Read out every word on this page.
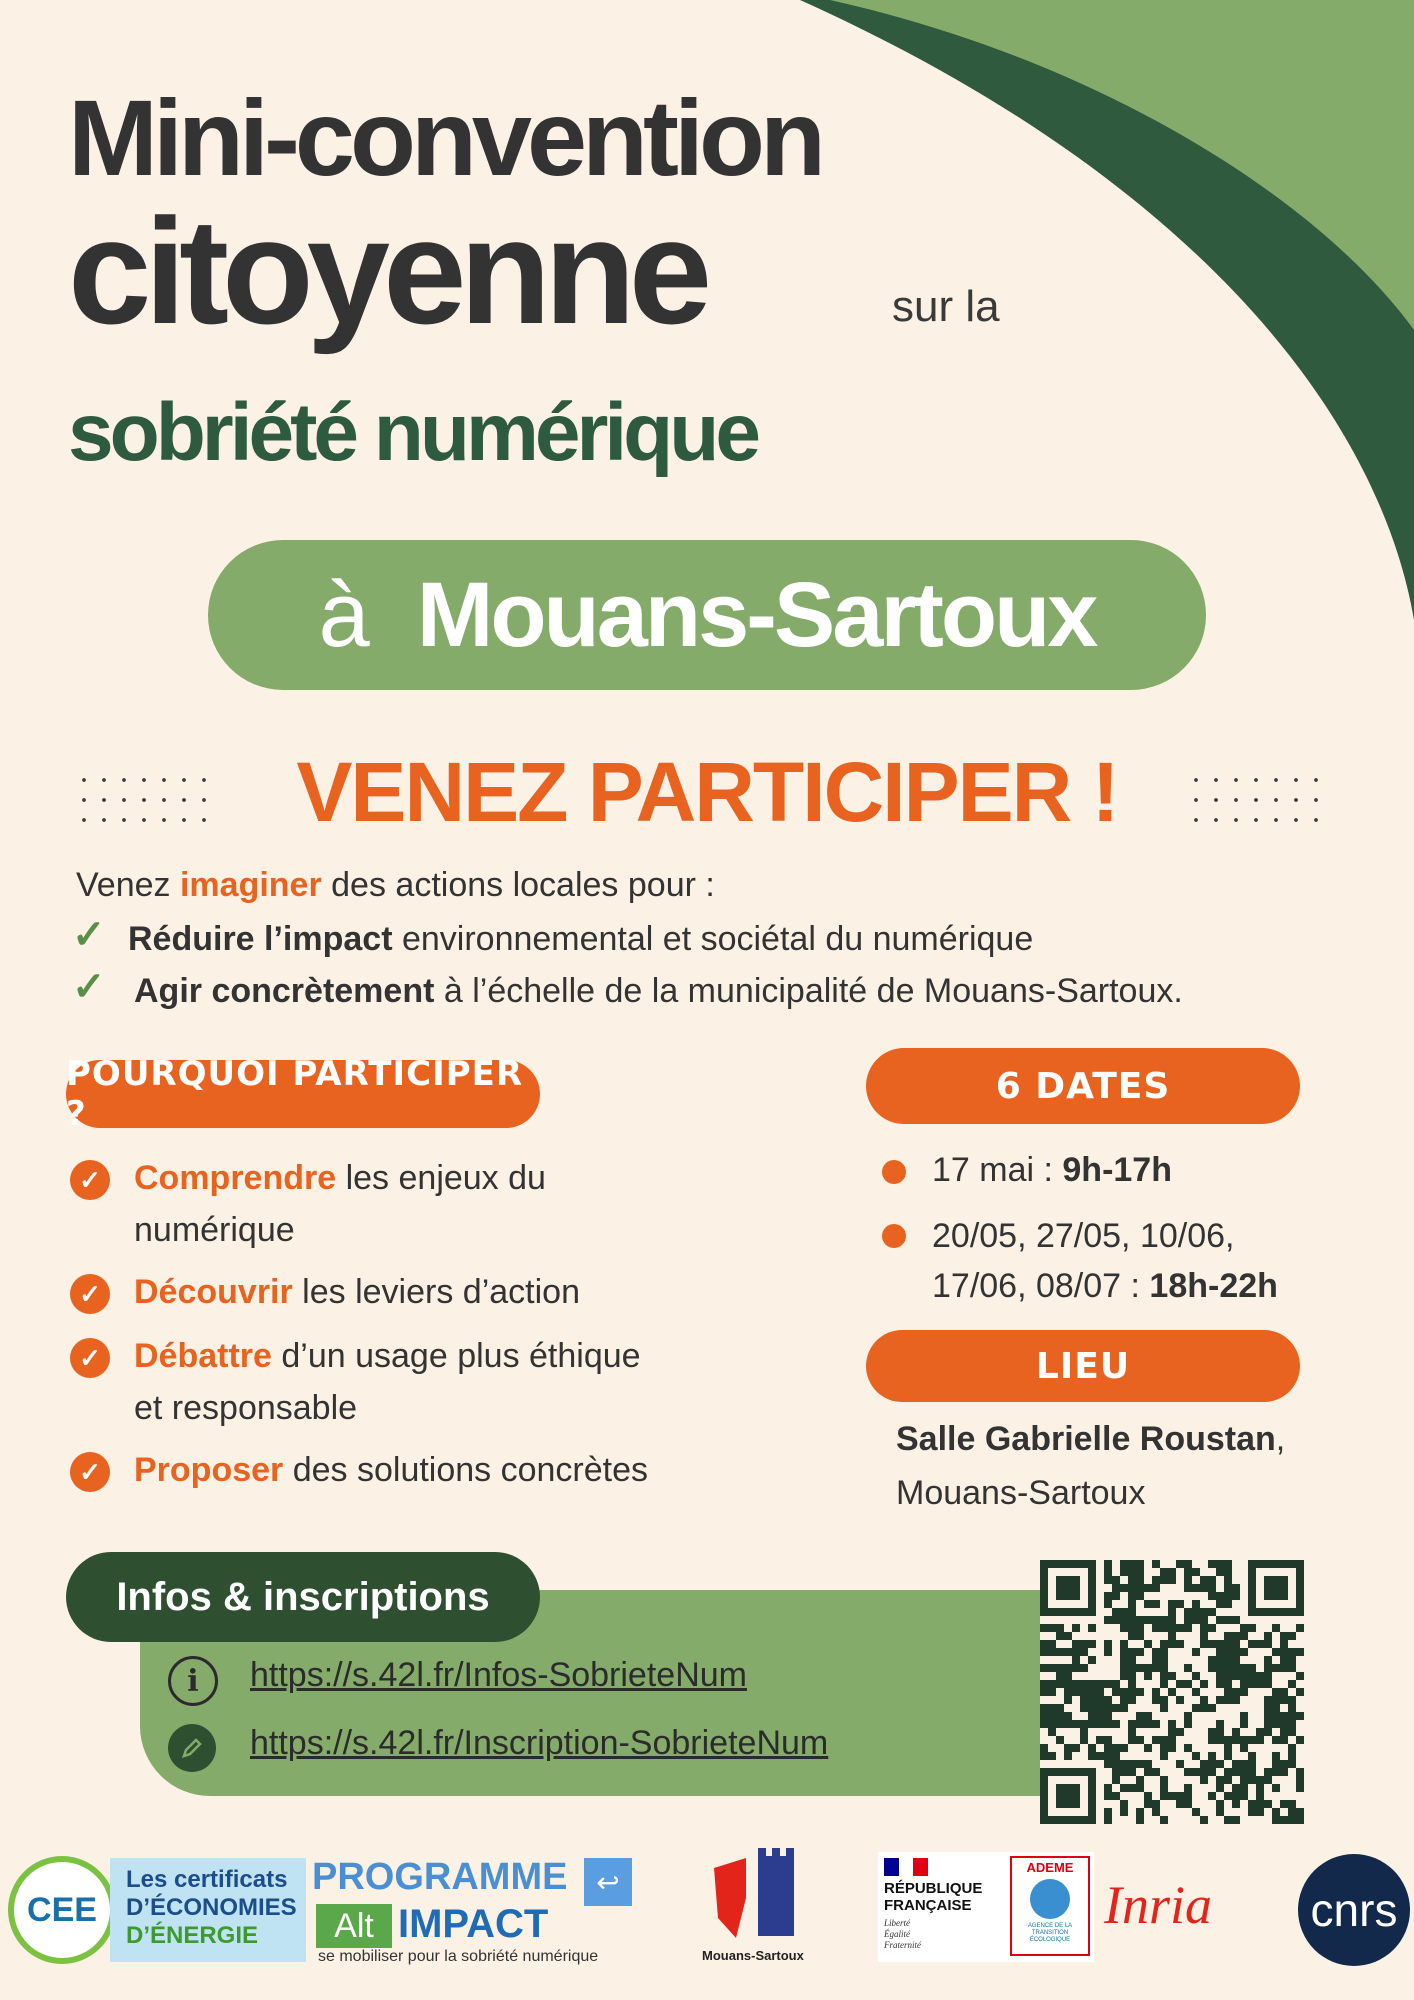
Mini-convention
citoyenne	sur la
sobriété numérique
à Mouans-Sartoux
VENEZ PARTICIPER !
Venez imaginer des actions locales pour :
✓ Réduire l’impact environnemental et sociétal du numérique
✓ Agir concrètement à l’échelle de la municipalité de Mouans-Sartoux.
POURQUOI PARTICIPER ?
✓ Comprendre les enjeux du
numérique
✓ Découvrir les leviers d’action
✓ Débattre d’un usage plus éthique
et responsable
✓ Proposer des solutions concrètes
6 DATES
17 mai : 9h-17h
20/05, 27/05, 10/06,
17/06, 08/07 : 18h-22h
LIEU
Salle Gabrielle Roustan,
Mouans-Sartoux
Infos & inscriptions
i https://s.42l.fr/Infos-SobrieteNum
https://s.42l.fr/Inscription-SobrieteNum
CEE
Les certificats
D’ÉCONOMIES
D’ÉNERGIE
PROGRAMME	↩
Alt IMPACT
se mobiliser pour la sobriété numérique	Mouans-Sartoux
RÉPUBLIQUE
FRANÇAISE
Liberté
Égalité
Fraternité
ADEME
AGENCE DE LA TRANSITION ÉCOLOGIQUE
Inria cnrs
